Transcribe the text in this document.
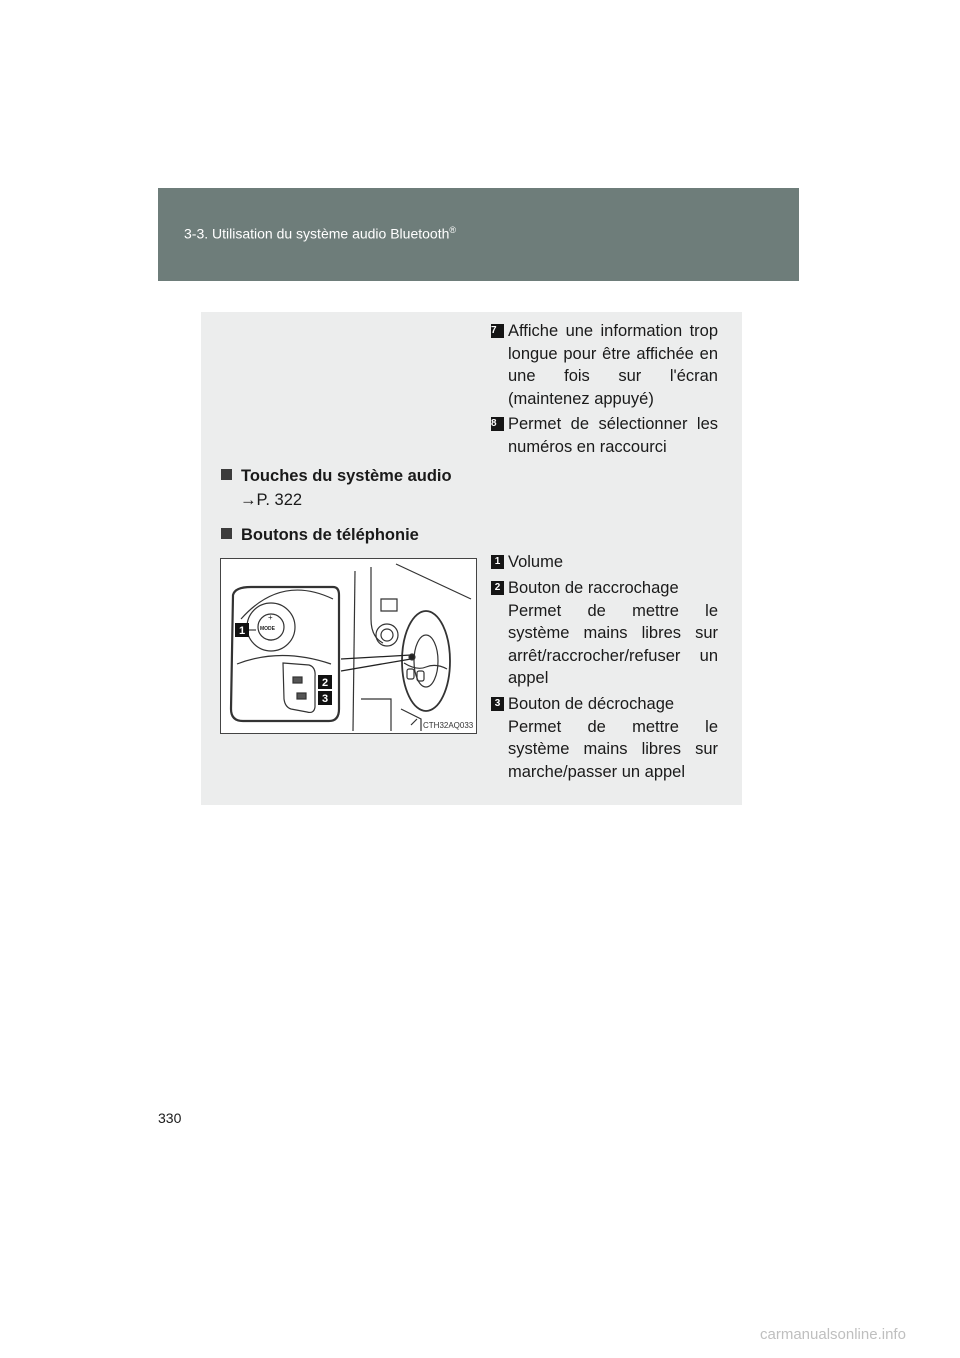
3-3. Utilisation du système audio Bluetooth®
7 Affiche une information trop longue pour être affichée en une fois sur l'écran (maintenez appuyé)
8 Permet de sélectionner les numéros en raccourci
Touches du système audio
→P. 322
Boutons de téléphonie
MODE
+
−
1
2
3
CTH32AQ033
1 Volume
2 Bouton de raccrochage
Permet de mettre le système mains libres sur arrêt/raccrocher/refuser un appel
3 Bouton de décrochage
Permet de mettre le système mains libres sur marche/passer un appel
330
carmanualsonline.info
